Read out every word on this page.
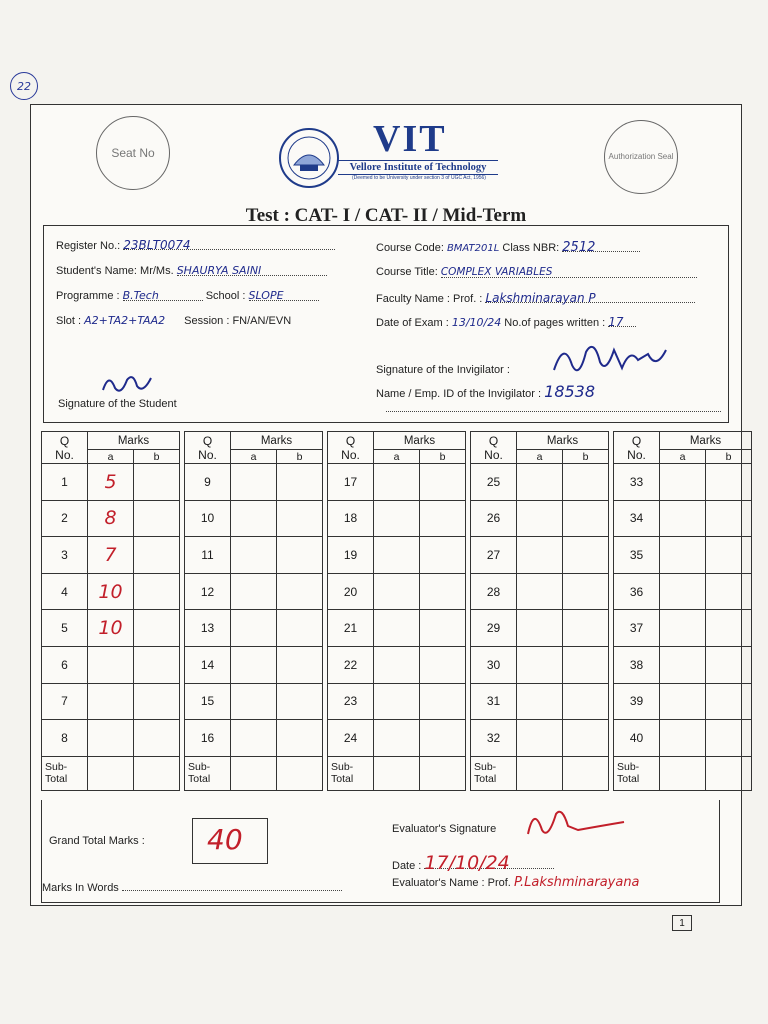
22
Seat No	Authorization Seal
VIT
Vellore Institute of Technology
(Deemed to be University under section 3 of UGC Act, 1956)
Test : CAT- I / CAT- II / Mid-Term
Register No.: 23BLT0074
Student's Name: Mr/Ms. SHAURYA SAINI
Programme : B.Tech	School : SLOPE
Slot : A2+TA2+TAA2 Session : FN/AN/EVN
Course Code: BMAT201L Class NBR: 2512
Course Title: COMPLEX VARIABLES
Faculty Name : Prof. : Lakshminarayan P
Date of Exam : 13/10/24 No.of pages written : 17
Signature of the Invigilator :
Name / Emp. ID of the Invigilator : 18538
Signature of the Student
Q
No.	Marks			Q
No.	Marks			Q
No.	Marks			Q
No.	Marks			Q
No.	Marks	
	a	b			a	b			a	b			a	b			a	b
1	5			9				17				25				33		
2	8			10				18				26				34		
3	7			11				19				27				35		
4	10			12				20				28				36		
5	10			13				21				29				37		
6				14				22				30				38		
7				15				23				31				39		
8				16				24				32				40		
Sub-
Total				Sub-
Total				Sub-
Total				Sub-
Total				Sub-
Total		
Grand Total Marks : 40
Marks In Words
Evaluator's Signature
Date : 17/10/24
Evaluator's Name : Prof. P.Lakshminarayana
1
